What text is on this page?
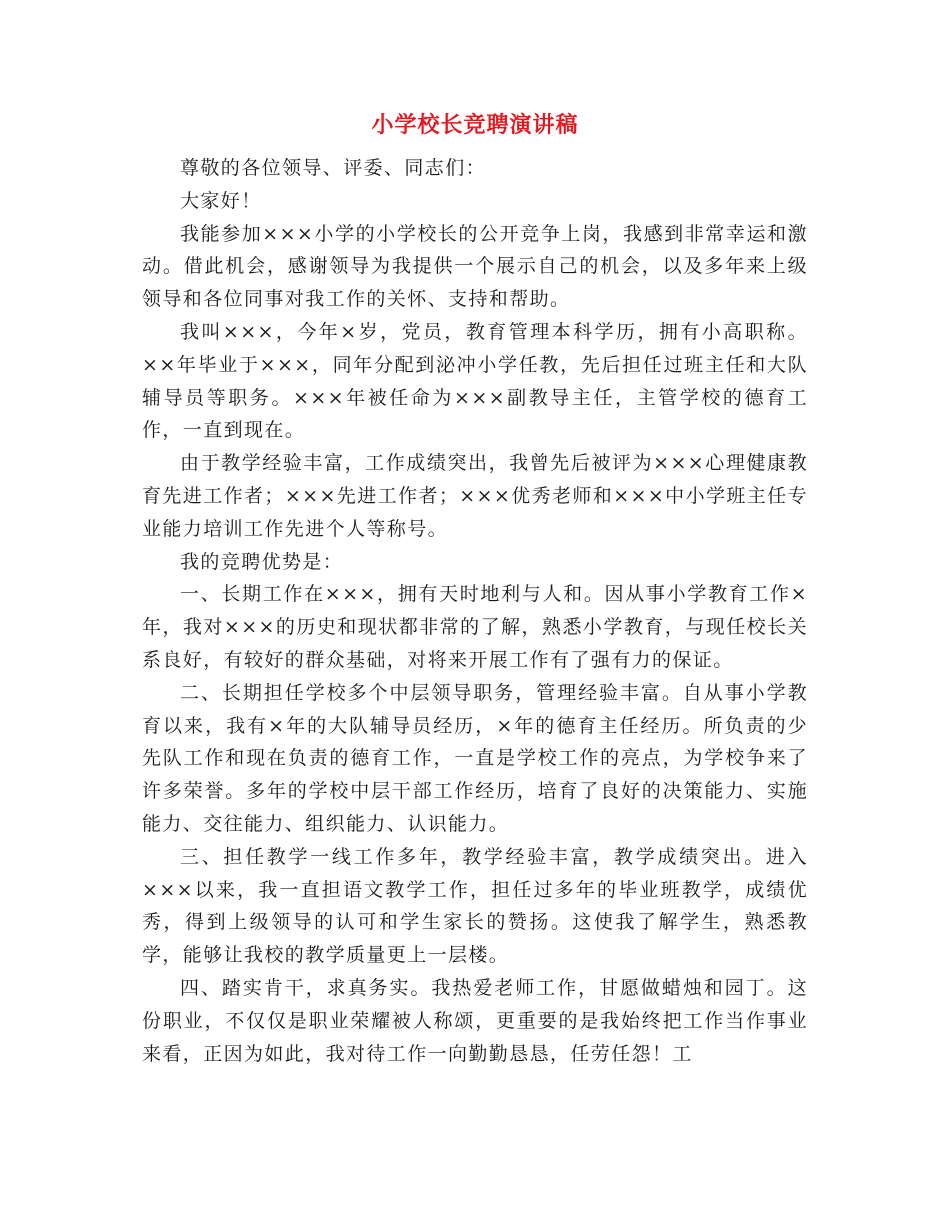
小学校长竞聘演讲稿

尊敬的各位领导、评委、同志们：

大家好！

我能参加×××小学的小学校长的公开竞争上岗，我感到非常幸运和激动。借此机会，感谢领导为我提供一个展示自己的机会，以及多年来上级领导和各位同事对我工作的关怀、支持和帮助。

我叫×××，今年×岁，党员，教育管理本科学历，拥有小高职称。××年毕业于×××，同年分配到泌冲小学任教，先后担任过班主任和大队辅导员等职务。×××年被任命为×××副教导主任，主管学校的德育工作，一直到现在。

由于教学经验丰富，工作成绩突出，我曾先后被评为×××心理健康教育先进工作者；×××先进工作者；×××优秀老师和×××中小学班主任专业能力培训工作先进个人等称号。

我的竞聘优势是：

一、长期工作在×××，拥有天时地利与人和。因从事小学教育工作×年，我对×××的历史和现状都非常的了解，熟悉小学教育，与现任校长关系良好，有较好的群众基础，对将来开展工作有了强有力的保证。

二、长期担任学校多个中层领导职务，管理经验丰富。自从事小学教育以来，我有×年的大队辅导员经历，×年的德育主任经历。所负责的少先队工作和现在负责的德育工作，一直是学校工作的亮点，为学校争来了许多荣誉。多年的学校中层干部工作经历，培育了良好的决策能力、实施能力、交往能力、组织能力、认识能力。

三、担任教学一线工作多年，教学经验丰富，教学成绩突出。进入×××以来，我一直担语文教学工作，担任过多年的毕业班教学，成绩优秀，得到上级领导的认可和学生家长的赞扬。这使我了解学生，熟悉教学，能够让我校的教学质量更上一层楼。

四、踏实肯干，求真务实。我热爱老师工作，甘愿做蜡烛和园丁。这份职业，不仅仅是职业荣耀被人称颂，更重要的是我始终把工作当作事业来看，正因为如此，我对待工作一向勤勤恳恳，任劳任怨！工
